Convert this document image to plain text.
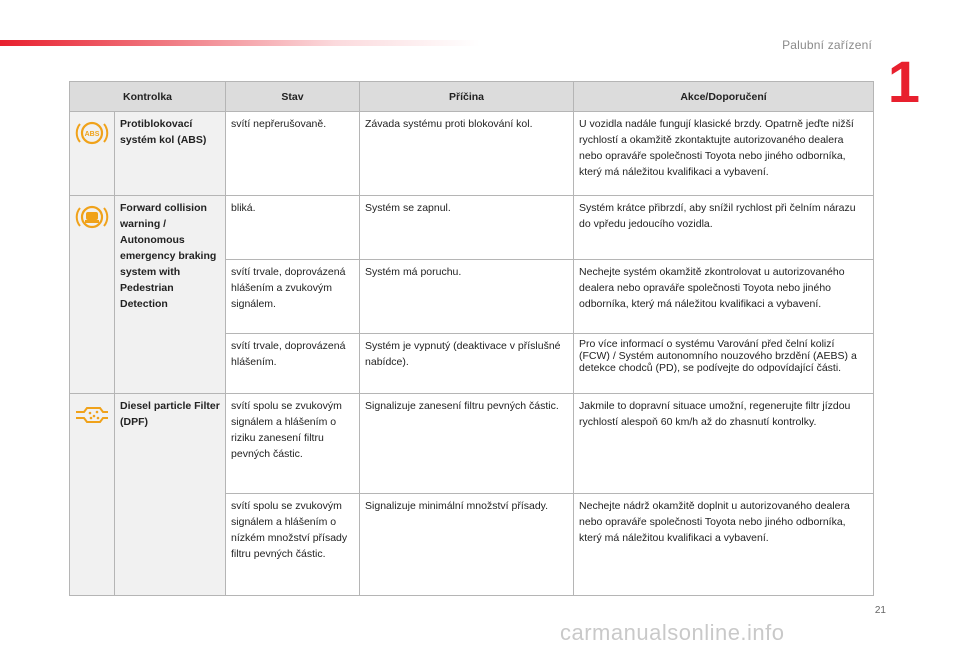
Palubní zařízení
1
Kontrolka		Stav	Příčina	Akce/Doporučení

ABS	Protiblokovací systém kol (ABS)	svítí nepřerušovaně.	Závada systému proti blokování kol.	U vozidla nadále fungují klasické brzdy. Opatrně jeďte nižší rychlostí a okamžitě zkontaktujte autorizovaného dealera nebo opraváře společnosti Toyota nebo jiného odborníka, který má náležitou kvalifikaci a vybavení.
	Forward collision warning / Autonomous emergency braking system with Pedestrian Detection	bliká.	Systém se zapnul.	Systém krátce přibrzdí, aby snížil rychlost při čelním nárazu do vpředu jedoucího vozidla.
		svítí trvale, doprovázená hlášením a zvukovým signálem.	Systém má poruchu.	Nechejte systém okamžitě zkontrolovat u autorizovaného dealera nebo opraváře společnosti Toyota nebo jiného odborníka, který má náležitou kvalifikaci a vybavení.
		svítí trvale, doprovázená hlášením.	Systém je vypnutý (deaktivace v příslušné nabídce).	Pro více informací o systému Varování před čelní kolizí (FCW) / Systém autonomního nouzového brzdění (AEBS) a detekce chodců (PD), se podívejte do odpovídající části.
	Diesel particle Filter (DPF)	svítí spolu se zvukovým signálem a hlášením o riziku zanesení filtru pevných částic.	Signalizuje zanesení filtru pevných částic.	Jakmile to dopravní situace umožní, regenerujte filtr jízdou rychlostí alespoň 60 km/h až do zhasnutí kontrolky.
		svítí spolu se zvukovým signálem a hlášením o nízkém množství přísady filtru pevných částic.	Signalizuje minimální množství přísady.	Nechejte nádrž okamžitě doplnit u autorizovaného dealera nebo opraváře společnosti Toyota nebo jiného odborníka, který má náležitou kvalifikaci a vybavení.
21
carmanualsonline.info
